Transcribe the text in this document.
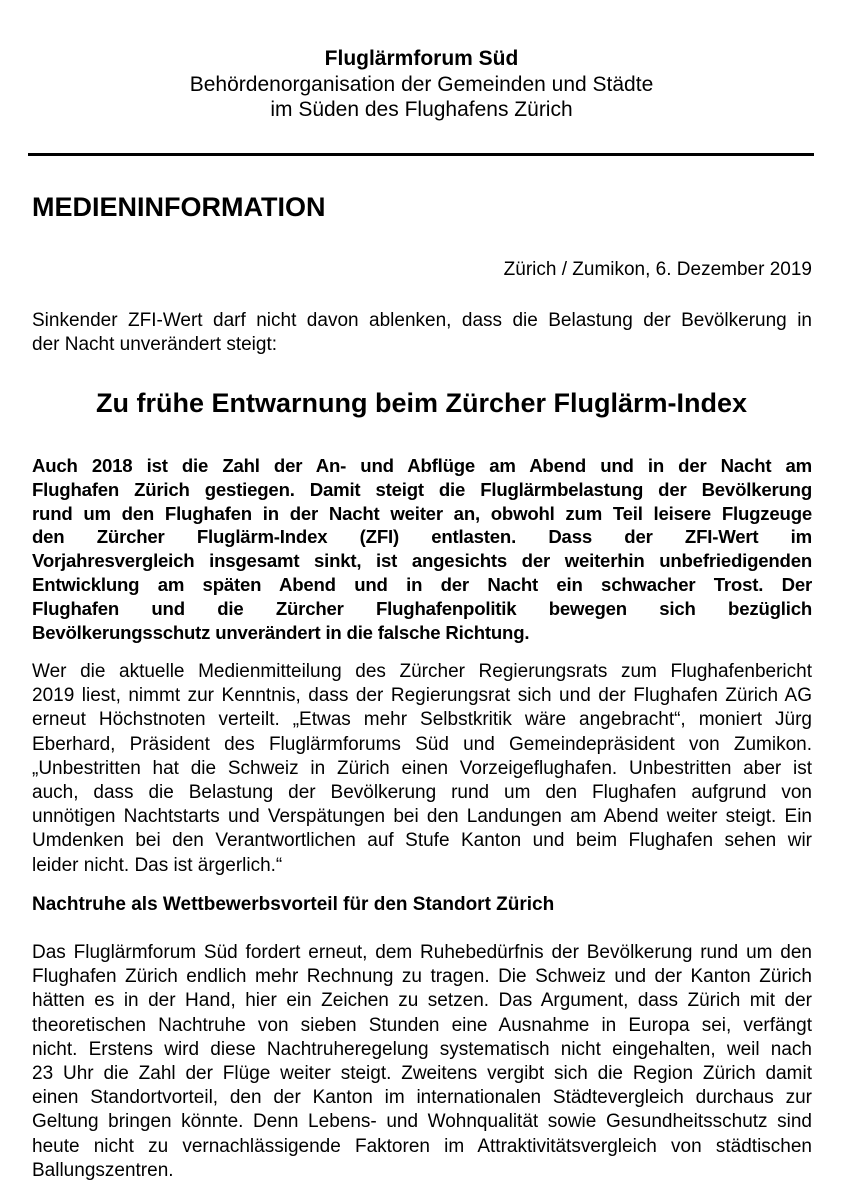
Fluglärmforum Süd
Behördenorganisation der Gemeinden und Städte
im Süden des Flughafens Zürich
MEDIENINFORMATION
Zürich / Zumikon, 6. Dezember 2019
Sinkender ZFI-Wert darf nicht davon ablenken, dass die Belastung der Bevölkerung in
der Nacht unverändert steigt:
Zu frühe Entwarnung beim Zürcher Fluglärm-Index
Auch 2018 ist die Zahl der An- und Abflüge am Abend und in der Nacht am
Flughafen Zürich gestiegen. Damit steigt die Fluglärmbelastung der Bevölkerung
rund um den Flughafen in der Nacht weiter an, obwohl zum Teil leisere Flugzeuge
den Zürcher Fluglärm-Index (ZFI) entlasten. Dass der ZFI-Wert im
Vorjahresvergleich insgesamt sinkt, ist angesichts der weiterhin unbefriedigenden
Entwicklung am späten Abend und in der Nacht ein schwacher Trost. Der
Flughafen und die Zürcher Flughafenpolitik bewegen sich bezüglich
Bevölkerungsschutz unverändert in die falsche Richtung.
Wer die aktuelle Medienmitteilung des Zürcher Regierungsrats zum Flughafenbericht
2019 liest, nimmt zur Kenntnis, dass der Regierungsrat sich und der Flughafen Zürich AG
erneut Höchstnoten verteilt. „Etwas mehr Selbstkritik wäre angebracht“, moniert Jürg
Eberhard, Präsident des Fluglärmforums Süd und Gemeindepräsident von Zumikon.
„Unbestritten hat die Schweiz in Zürich einen Vorzeigeflughafen. Unbestritten aber ist
auch, dass die Belastung der Bevölkerung rund um den Flughafen aufgrund von
unnötigen Nachtstarts und Verspätungen bei den Landungen am Abend weiter steigt. Ein
Umdenken bei den Verantwortlichen auf Stufe Kanton und beim Flughafen sehen wir
leider nicht. Das ist ärgerlich.“
Nachtruhe als Wettbewerbsvorteil für den Standort Zürich
Das Fluglärmforum Süd fordert erneut, dem Ruhebedürfnis der Bevölkerung rund um den
Flughafen Zürich endlich mehr Rechnung zu tragen. Die Schweiz und der Kanton Zürich
hätten es in der Hand, hier ein Zeichen zu setzen. Das Argument, dass Zürich mit der
theoretischen Nachtruhe von sieben Stunden eine Ausnahme in Europa sei, verfängt
nicht. Erstens wird diese Nachtruheregelung systematisch nicht eingehalten, weil nach
23 Uhr die Zahl der Flüge weiter steigt. Zweitens vergibt sich die Region Zürich damit
einen Standortvorteil, den der Kanton im internationalen Städtevergleich durchaus zur
Geltung bringen könnte. Denn Lebens- und Wohnqualität sowie Gesundheitsschutz sind
heute nicht zu vernachlässigende Faktoren im Attraktivitätsvergleich von städtischen
Ballungszentren.
